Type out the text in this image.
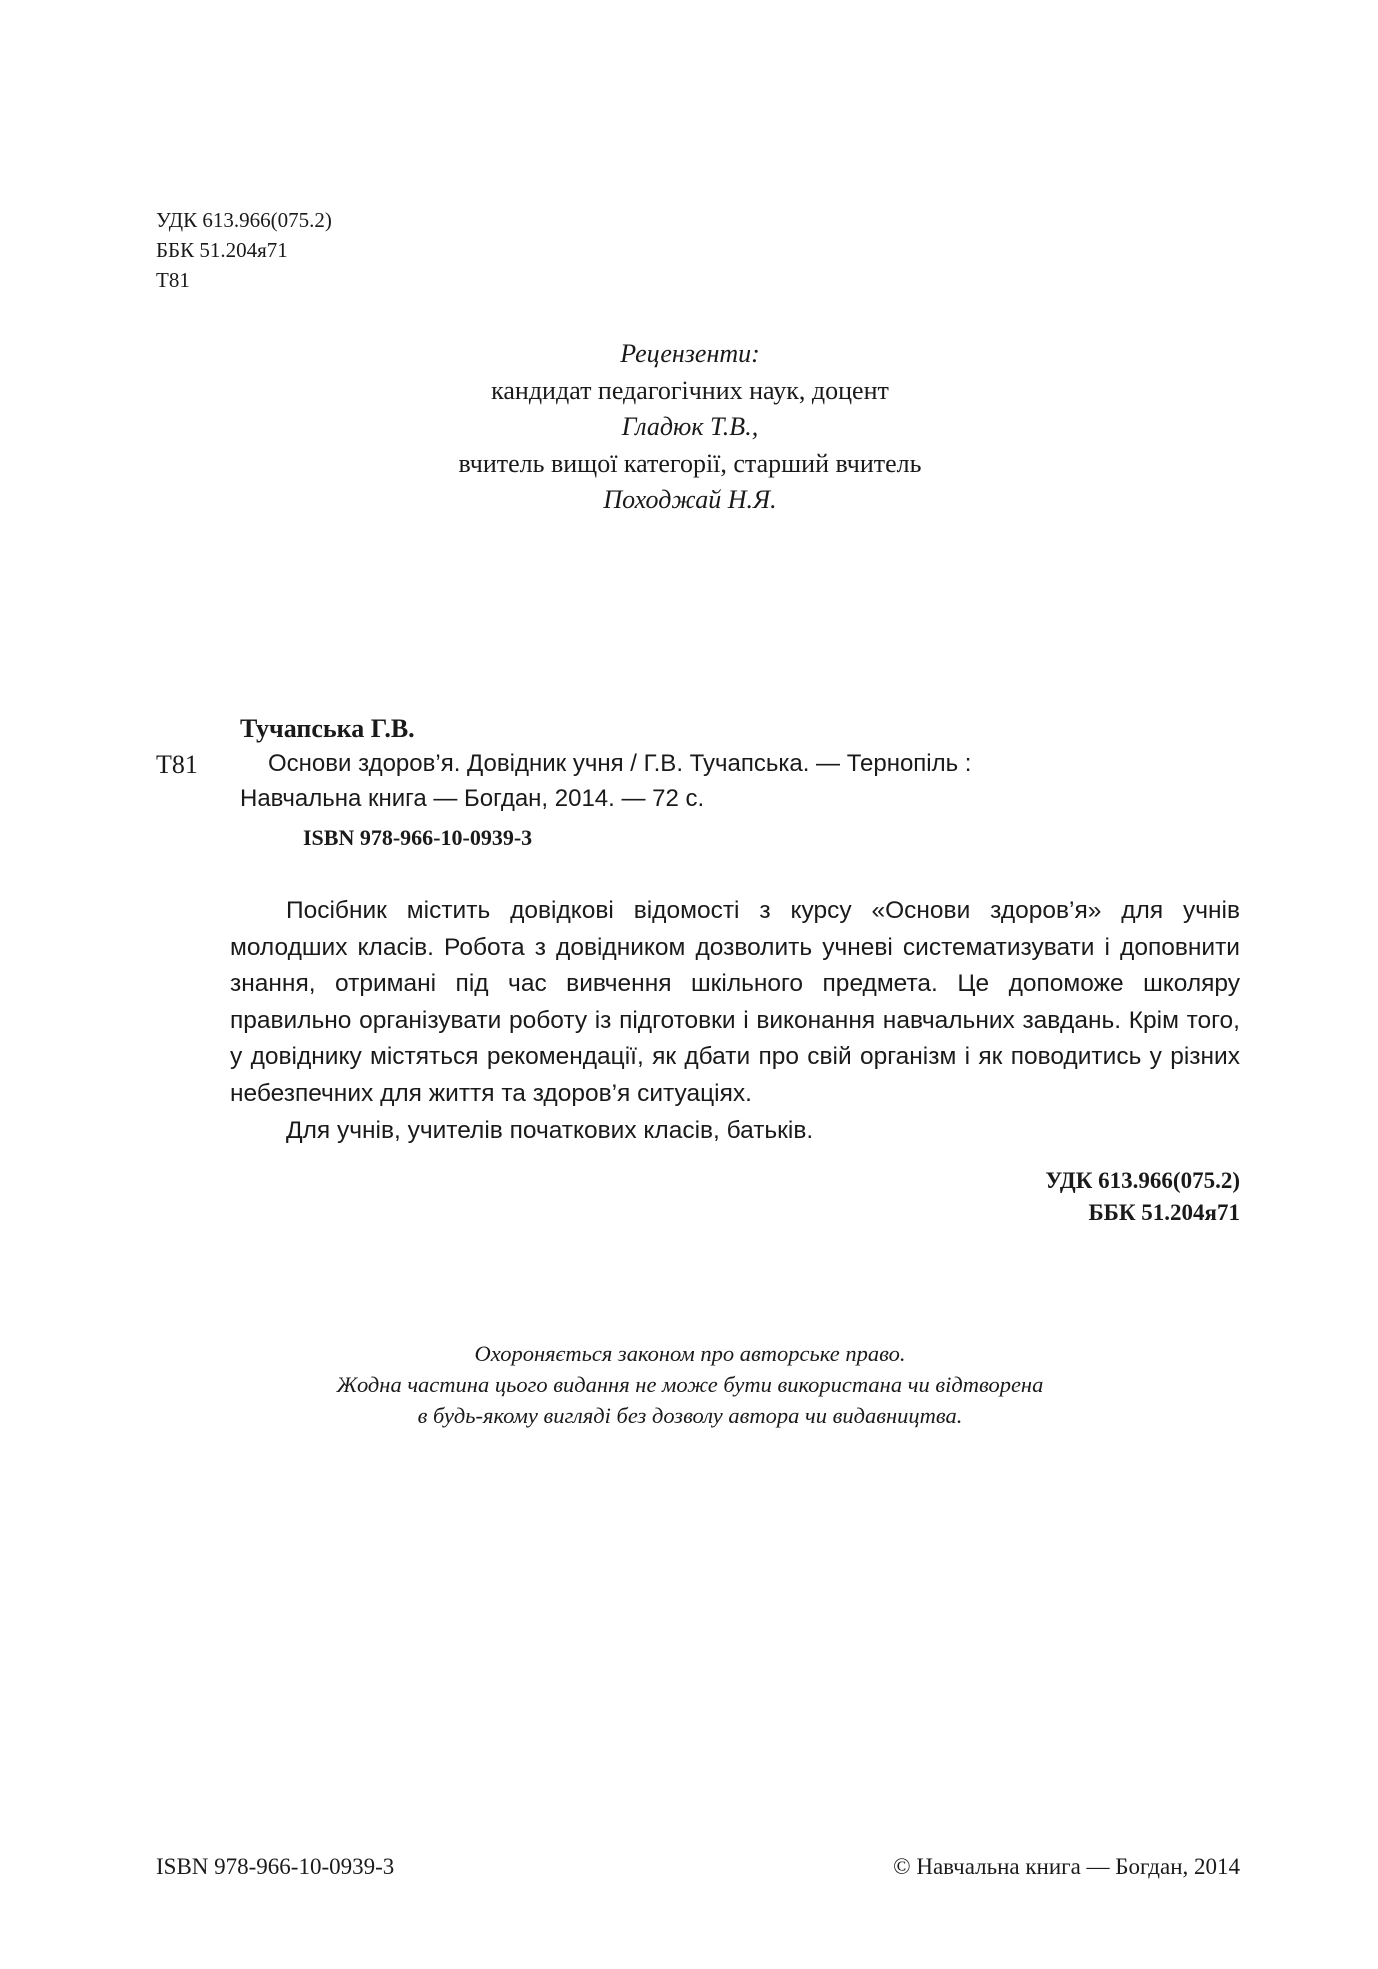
УДК 613.966(075.2)
ББК 51.204я71
Т81
Рецензенти:
кандидат педагогічних наук, доцент
Гладюк Т.В.,
вчитель вищої категорії, старший вчитель
Походжай Н.Я.
Тучапська Г.В.
Т81	Основи здоров’я. Довідник учня / Г.В. Тучапська. — Тернопіль :
Навчальна книга — Богдан, 2014. — 72 с.
ISBN 978-966-10-0939-3

Посібник містить довідкові відомості з курсу «Основи здоров’я» для учнів молодших класів. Робота з довідником дозволить учневі систематизувати і доповнити знання, отримані під час вивчення шкільного предмета. Це допоможе школяру правильно організувати роботу із підготовки і виконання навчальних завдань. Крім того, у довіднику містяться рекомендації, як дбати про свій організм і як поводитись у різних небезпечних для життя та здоров’я ситуаціях.

Для учнів, учителів початкових класів, батьків.

УДК 613.966(075.2)
ББК 51.204я71
Охороняється законом про авторське право.
Жодна частина цього видання не може бути використана чи відтворена
в будь-якому вигляді без дозволу автора чи видавництва.
ISBN 978-966-10-0939-3	© Навчальна книга — Богдан, 2014
